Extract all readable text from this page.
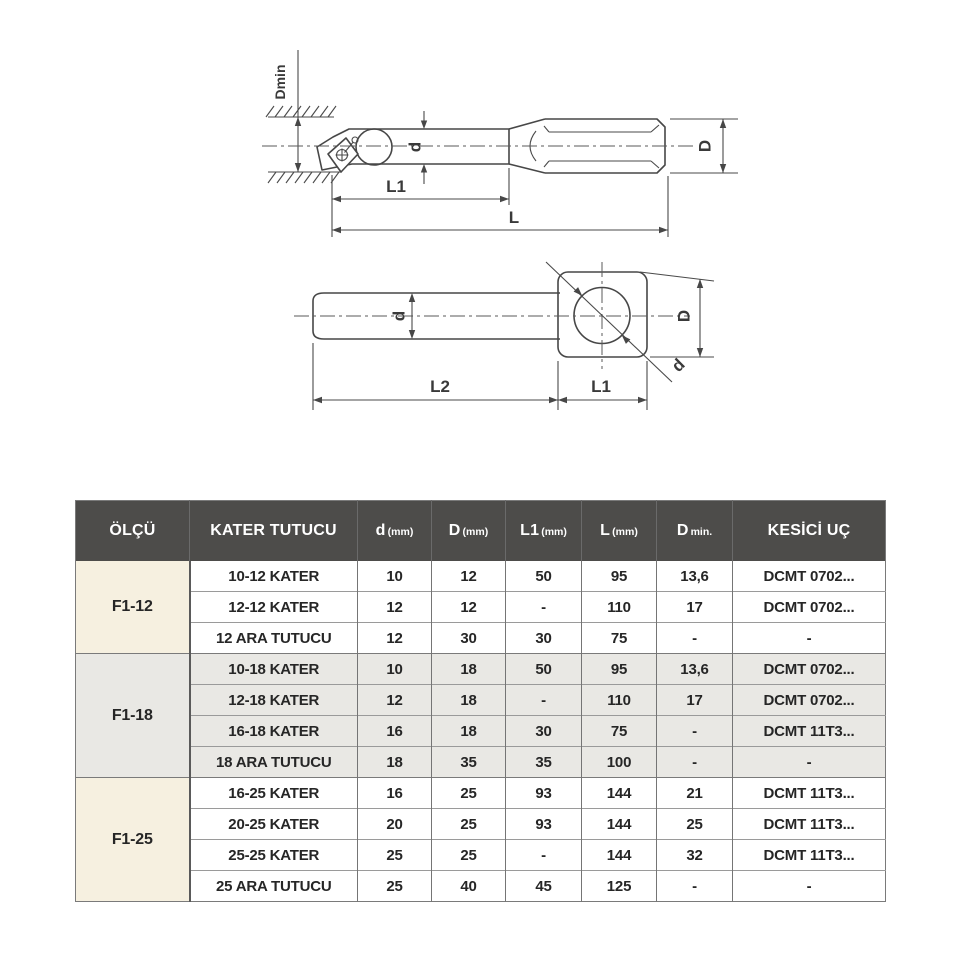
Dmin
d	D
L1
L
d
d	D
L2	L1
ÖLÇÜ	KATER TUTUCU	d (mm)	D (mm)	L1 (mm)	L (mm)	D min.	KESİCİ UÇ
F1-12	10-12 KATER	10	12	50	95	13,6	DCMT 0702...
	12-12 KATER	12	12	-	110	17	DCMT 0702...
	12 ARA TUTUCU	12	30	30	75	-	-
F1-18	10-18 KATER	10	18	50	95	13,6	DCMT 0702...
	12-18 KATER	12	18	-	110	17	DCMT 0702...
	16-18 KATER	16	18	30	75	-	DCMT 11T3...
	18 ARA TUTUCU	18	35	35	100	-	-
F1-25	16-25 KATER	16	25	93	144	21	DCMT 11T3...
	20-25 KATER	20	25	93	144	25	DCMT 11T3...
	25-25 KATER	25	25	-	144	32	DCMT 11T3...
	25 ARA TUTUCU	25	40	45	125	-	-
